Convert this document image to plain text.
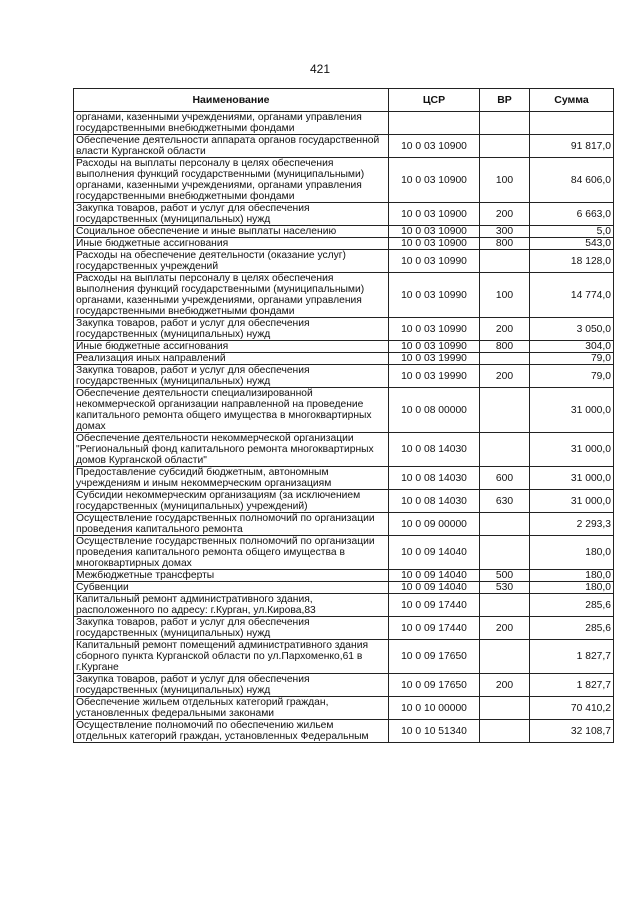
421
Наименование	ЦСР	ВР	Сумма
органами, казенными учреждениями, органами управления государственными внебюджетными фондами			
Обеспечение деятельности аппарата органов государственной власти Курганской области	10 0 03 10900		91 817,0
Расходы на выплаты персоналу в целях обеспечения выполнения функций государственными (муниципальными) органами, казенными учреждениями, органами управления государственными внебюджетными фондами	10 0 03 10900	100	84 606,0
Закупка товаров, работ и услуг для обеспечения государственных (муниципальных) нужд	10 0 03 10900	200	6 663,0
Социальное обеспечение и иные выплаты населению	10 0 03 10900	300	5,0
Иные бюджетные ассигнования	10 0 03 10900	800	543,0
Расходы на обеспечение деятельности (оказание услуг) государственных учреждений	10 0 03 10990		18 128,0
Расходы на выплаты персоналу в целях обеспечения выполнения функций государственными (муниципальными) органами, казенными учреждениями, органами управления государственными внебюджетными фондами	10 0 03 10990	100	14 774,0
Закупка товаров, работ и услуг для обеспечения государственных (муниципальных) нужд	10 0 03 10990	200	3 050,0
Иные бюджетные ассигнования	10 0 03 10990	800	304,0
Реализация иных направлений	10 0 03 19990		79,0
Закупка товаров, работ и услуг для обеспечения государственных (муниципальных) нужд	10 0 03 19990	200	79,0
Обеспечение деятельности специализированной некоммерческой организации направленной на проведение капитального ремонта общего имущества в многоквартирных домах	10 0 08 00000		31 000,0
Обеспечение деятельности некоммерческой организации "Региональный фонд капитального ремонта многоквартирных домов Курганской области"	10 0 08 14030		31 000,0
Предоставление субсидий бюджетным, автономным учреждениям и иным некоммерческим организациям	10 0 08 14030	600	31 000,0
Субсидии некоммерческим организациям (за исключением государственных (муниципальных) учреждений)	10 0 08 14030	630	31 000,0
Осуществление государственных полномочий по организации проведения капитального ремонта	10 0 09 00000		2 293,3
Осуществление государственных полномочий по организации проведения капитального ремонта общего имущества в многоквартирных домах	10 0 09 14040		180,0
Межбюджетные трансферты	10 0 09 14040	500	180,0
Субвенции	10 0 09 14040	530	180,0
Капитальный ремонт административного здания, расположенного по адресу: г.Курган, ул.Кирова,83	10 0 09 17440		285,6
Закупка товаров, работ и услуг для обеспечения государственных (муниципальных) нужд	10 0 09 17440	200	285,6
Капитальный ремонт помещений административного здания сборного пункта Курганской области по ул.Пархоменко,61 в г.Кургане	10 0 09 17650		1 827,7
Закупка товаров, работ и услуг для обеспечения государственных (муниципальных) нужд	10 0 09 17650	200	1 827,7
Обеспечение жильем отдельных категорий граждан, установленных федеральными законами	10 0 10 00000		70 410,2
Осуществление полномочий по обеспечению жильем отдельных категорий граждан, установленных Федеральным	10 0 10 51340		32 108,7
